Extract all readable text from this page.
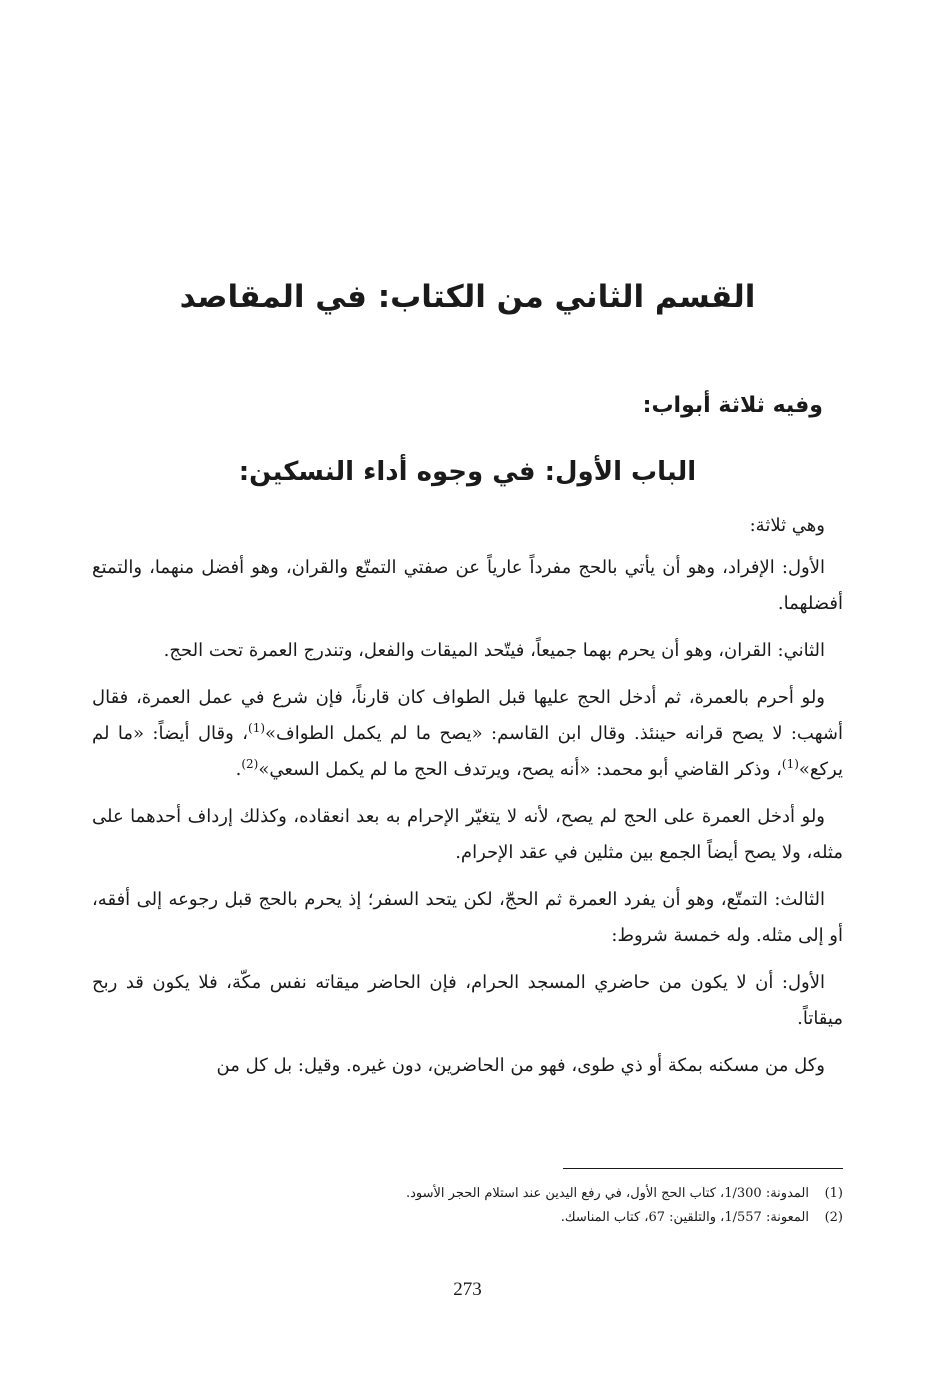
القسم الثاني من الكتاب: في المقاصد
وفيه ثلاثة أبواب:
الباب الأول: في وجوه أداء النسكين:

وهي ثلاثة:

الأول: الإفراد، وهو أن يأتي بالحج مفرداً عارياً عن صفتي التمتّع والقران، وهو أفضل منهما، والتمتع أفضلهما.

الثاني: القران، وهو أن يحرم بهما جميعاً، فيتّحد الميقات والفعل، وتندرج العمرة تحت الحج.

ولو أحرم بالعمرة، ثم أدخل الحج عليها قبل الطواف كان قارناً، فإن شرع في عمل العمرة، فقال أشهب: لا يصح قرانه حينئذ. وقال ابن القاسم: «يصح ما لم يكمل الطواف»$^{(1)}$، وقال أيضاً: «ما لم يركع»$^{(1)}$، وذكر القاضي أبو محمد: «أنه يصح، ويرتدف الحج ما لم يكمل السعي»$^{(2)}$.

ولو أدخل العمرة على الحج لم يصح، لأنه لا يتغيّر الإحرام به بعد انعقاده، وكذلك إرداف أحدهما على مثله، ولا يصح أيضاً الجمع بين مثلين في عقد الإحرام.

الثالث: التمتّع، وهو أن يفرد العمرة ثم الحجّ، لكن يتحد السفر؛ إذ يحرم بالحج قبل رجوعه إلى أفقه، أو إلى مثله. وله خمسة شروط:

الأول: أن لا يكون من حاضري المسجد الحرام، فإن الحاضر ميقاته نفس مكّة، فلا يكون قد ربح ميقاتاً.

وكل من مسكنه بمكة أو ذي طوى، فهو من الحاضرين، دون غيره. وقيل: بل كل من

(1)المدونة: 1/300، كتاب الحج الأول، في رفع اليدين عند استلام الحجر الأسود.

(2)المعونة: 1/557، والتلقين: 67، كتاب المناسك.

273
